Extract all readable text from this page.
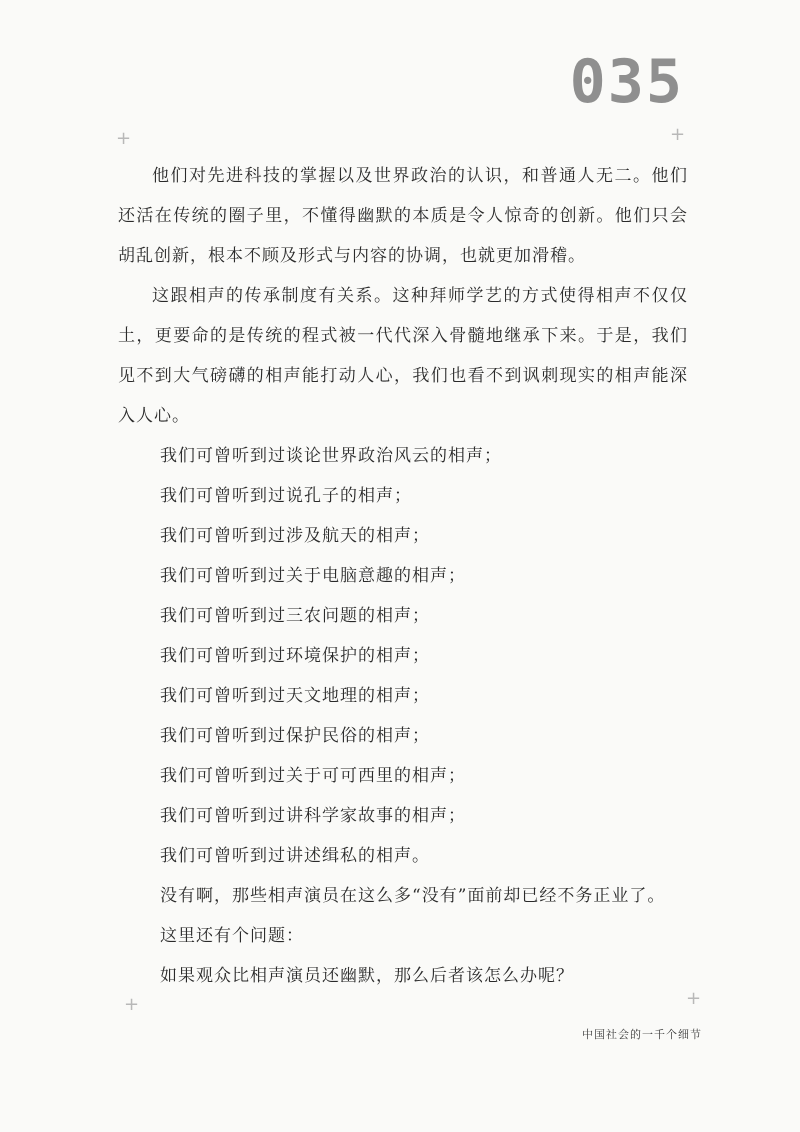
035
+	+
+	+

他们对先进科技的掌握以及世界政治的认识，和普通人无二。他们还活在传统的圈子里，不懂得幽默的本质是令人惊奇的创新。他们只会胡乱创新，根本不顾及形式与内容的协调，也就更加滑稽。

这跟相声的传承制度有关系。这种拜师学艺的方式使得相声不仅仅土，更要命的是传统的程式被一代代深入骨髓地继承下来。于是，我们见不到大气磅礴的相声能打动人心，我们也看不到讽刺现实的相声能深入人心。

我们可曾听到过谈论世界政治风云的相声；

我们可曾听到过说孔子的相声；

我们可曾听到过涉及航天的相声；

我们可曾听到过关于电脑意趣的相声；

我们可曾听到过三农问题的相声；

我们可曾听到过环境保护的相声；

我们可曾听到过天文地理的相声；

我们可曾听到过保护民俗的相声；

我们可曾听到过关于可可西里的相声；

我们可曾听到过讲科学家故事的相声；

我们可曾听到过讲述缉私的相声。

没有啊，那些相声演员在这么多“没有”面前却已经不务正业了。

这里还有个问题：

如果观众比相声演员还幽默，那么后者该怎么办呢？

中国社会的一千个细节
